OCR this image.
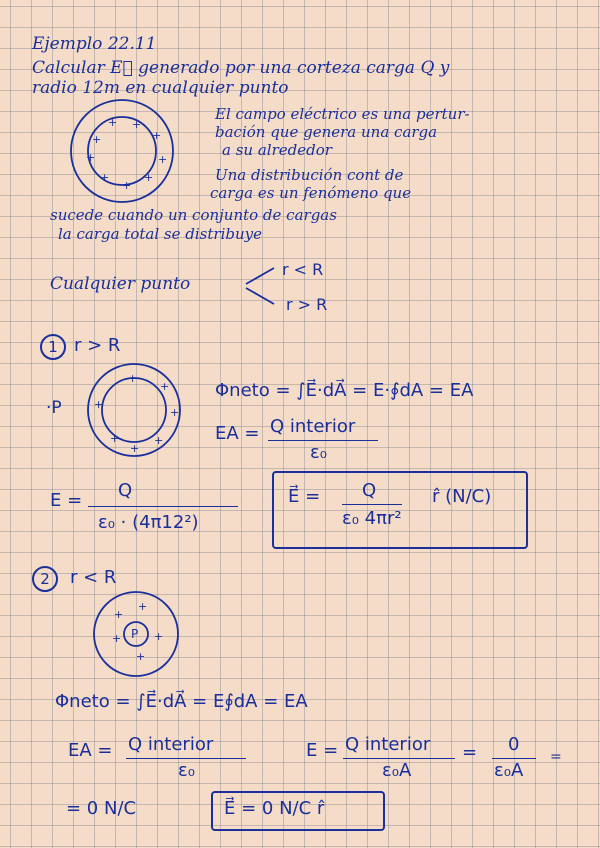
Ejemplo 22.11
Calcular E⃗ generado por una corteza carga Q y
radio 12m en cualquier punto
+ +
+	+
+	+
+
+
+
El campo eléctrico es una pertur-
bación que genera una carga
a su alrededor
Una distribución cont de
carga es un fenómeno que
sucede cuando un conjunto de cargas
la carga total se distribuye
Cualquier punto
r < R
r > R
1 r > R
·P
+
+
+
+
+
+
+
Φneto = ∫E⃗·dA⃗ = E·∮dA = EA
EA = Q interior
ε₀
E = Q
ε₀ · (4π12²)
E⃗ = Q
ε₀ 4πr²
r̂ (N/C)
2	r < R
+
+
+	+
+
P
Φneto = ∫E⃗·dA⃗ = E∮dA = EA
EA = Q interior
ε₀
E = Q interior
ε₀A
= 0
ε₀A
=
= 0 N/C	E⃗ = 0 N/C r̂
